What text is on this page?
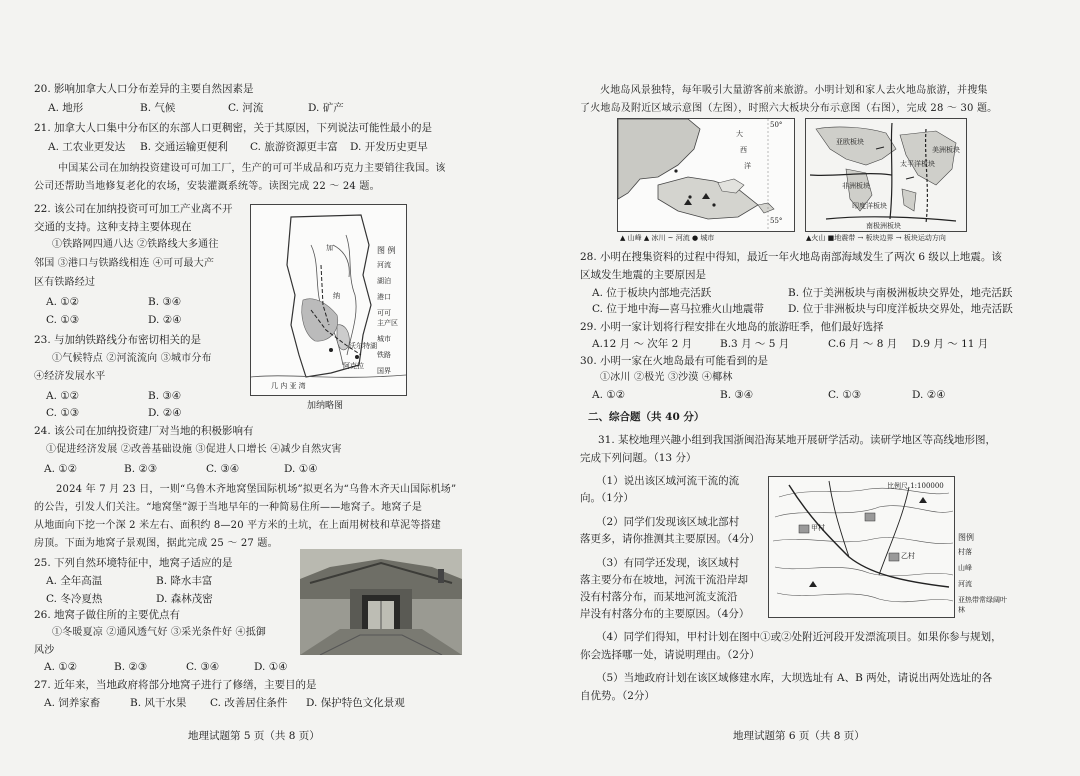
20. 影响加拿大人口分布差异的主要自然因素是
A. 地形	B. 气候	C. 河流	D. 矿产
21. 加拿大人口集中分布区的东部人口更稠密，关于其原因，下列说法可能性最小的是
A. 工农业更发达 B. 交通运输更便利 C. 旅游资源更丰富 D. 开发历史更早
中国某公司在加纳投资建设可可加工厂，生产的可可半成品和巧克力主要销往我国。该
公司还帮助当地修复老化的农场，安装灌溉系统等。读图完成 22 ～ 24 题。
22. 该公司在加纳投资可可加工产业离不开
交通的支持。这种支持主要体现在
①铁路网四通八达 ②铁路线大多通往
邻国 ③港口与铁路线相连 ④可可最大产
区有铁路经过
A. ①②	B. ③④
C. ①③	D. ②④
23. 与加纳铁路线分布密切相关的是
①气候特点 ②河流流向 ③城市分布
④经济发展水平
A. ①②	B. ③④
C. ①③	D. ②④
加
纳
沃尔特湖
阿克拉
几 内 亚 湾
图 例
河流
湖泊
港口
可可
主产区
城市
铁路
国界
加纳略图
24. 该公司在加纳投资建厂对当地的积极影响有
①促进经济发展 ②改善基础设施 ③促进人口增长 ④减少自然灾害
A. ①②	B. ②③	C. ③④	D. ①④
2024 年 7 月 23 日，一则“乌鲁木齐地窝堡国际机场”拟更名为“乌鲁木齐天山国际机场”
的公告，引发人们关注。“地窝堡”源于当地早年的一种简易住所——地窝子。地窝子是
从地面向下挖一个深 2 米左右、面积约 8—20 平方米的土坑，在上面用树枝和草泥等搭建
房顶。下面为地窝子景观图，据此完成 25 ～ 27 题。
25. 下列自然环境特征中，地窝子适应的是
A. 全年高温	B. 降水丰富
C. 冬冷夏热	D. 森林茂密
26. 地窝子做住所的主要优点有
①冬暖夏凉 ②通风透气好 ③采光条件好 ④抵御
风沙
A. ①②	B. ②③	C. ③④	D. ①④
27. 近年来，当地政府将部分地窝子进行了修缮，主要目的是
A. 饲养家畜	B. 风干水果 C. 改善居住条件 D. 保护特色文化景观
地理试题第 5 页（共 8 页）
火地岛风景独特，每年吸引大量游客前来旅游。小明计划和家人去火地岛旅游，并搜集
了火地岛及附近区域示意图（左图），时照六大板块分布示意图（右图），完成 28 ～ 30 题。
50°
55°
大
西
洋
▲ 山峰 ▲ 冰川 ~ 河流 ● 城市
亚欧板块
太平洋板块
美洲板块
非洲板块
印度洋板块
南极洲板块
▲火山 ■地震带 → 板块边界 → 板块运动方向
28. 小明在搜集资料的过程中得知，最近一年火地岛南部海域发生了两次 6 级以上地震。该
区域发生地震的主要原因是
A. 位于板块内部地壳活跃	B. 位于美洲板块与南极洲板块交界处，地壳活跃
C. 位于地中海—喜马拉雅火山地震带 D. 位于非洲板块与印度洋板块交界处，地壳活跃
29. 小明一家计划将行程安排在火地岛的旅游旺季，他们最好选择
A.12 月 ～ 次年 2 月	B.3 月 ～ 5 月	C.6 月 ～ 8 月 D.9 月 ～ 11 月
30. 小明一家在火地岛最有可能看到的是
①冰川 ②极光 ③沙漠 ④椰林
A. ①②	B. ③④	C. ①③	D. ②④
二、综合题（共 40 分）
31. 某校地理兴趣小组到我国浙闽沿海某地开展研学活动。读研学地区等高线地形图，
完成下列问题。（13 分）
（1）说出该区域河流干流的流
向。（1分）
（2）同学们发现该区域北部村
落更多，请你推测其主要原因。（4分）
（3）有同学还发现，该区域村
落主要分布在坡地，河流干流沿岸却
没有村落分布，而某地河流支流沿
岸没有村落分布的主要原因。（4分）
比例尺 1:100000
甲村
乙村
图例
村落
山峰
河流
亚热带常绿阔叶林
（4）同学们得知，甲村计划在图中①或②处附近河段开发漂流项目。如果你参与规划，
你会选择哪一处，请说明理由。（2分）
（5）当地政府计划在该区域修建水库，大坝选址有 A、B 两处，请说出两处选址的各
自优势。（2分）
地理试题第 6 页（共 8 页）
